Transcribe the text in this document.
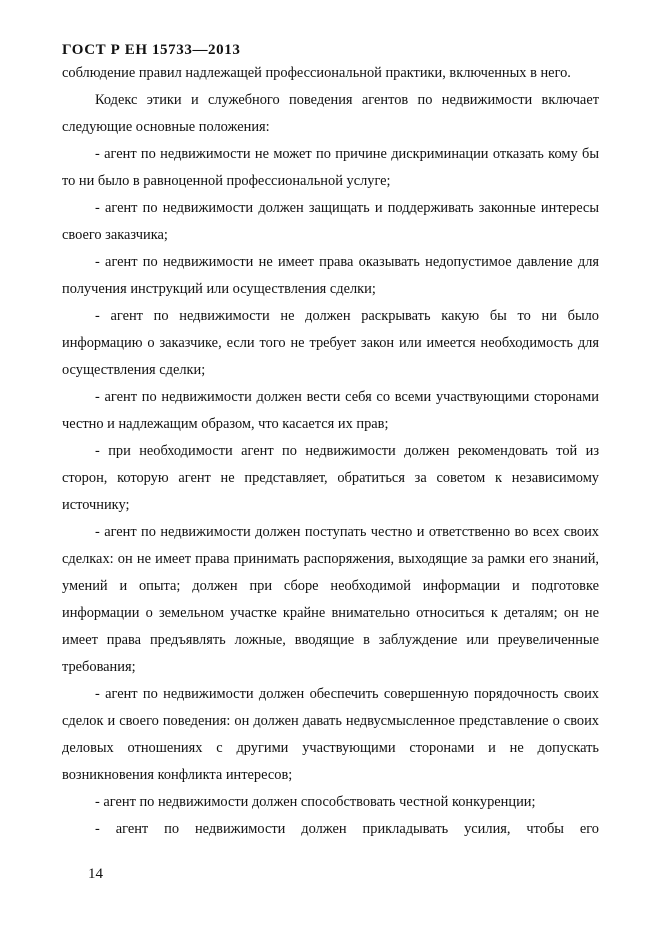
ГОСТ Р ЕН 15733—2013

соблюдение правил надлежащей профессиональной практики, включенных в него.

Кодекс этики и служебного поведения агентов по недвижимости включает следующие основные положения:

- агент по недвижимости не может по причине дискриминации отказать кому бы то ни было в равноценной профессиональной услуге;

- агент по недвижимости должен защищать и поддерживать законные интересы своего заказчика;

- агент по недвижимости не имеет права оказывать недопустимое давление для получения инструкций или осуществления сделки;

- агент по недвижимости не должен раскрывать какую бы то ни было информацию о заказчике, если того не требует закон или имеется необходимость для осуществления сделки;

- агент по недвижимости должен вести себя со всеми участвующими сторонами честно и надлежащим образом, что касается их прав;

- при необходимости агент по недвижимости должен рекомендовать той из сторон, которую агент не представляет, обратиться за советом к независимому источнику;

- агент по недвижимости должен поступать честно и ответственно во всех своих сделках: он не имеет права принимать распоряжения, выходящие за рамки его знаний, умений и опыта; должен при сборе необходимой информации и подготовке информации о земельном участке крайне внимательно относиться к деталям; он не имеет права предъявлять ложные, вводящие в заблуждение или преувеличенные требования;

- агент по недвижимости должен обеспечить совершенную порядочность своих сделок и своего поведения: он должен давать недвусмысленное представление о своих деловых отношениях с другими участвующими сторонами и не допускать возникновения конфликта интересов;

- агент по недвижимости должен способствовать честной конкуренции;

- агент по недвижимости должен прикладывать усилия, чтобы его

14
